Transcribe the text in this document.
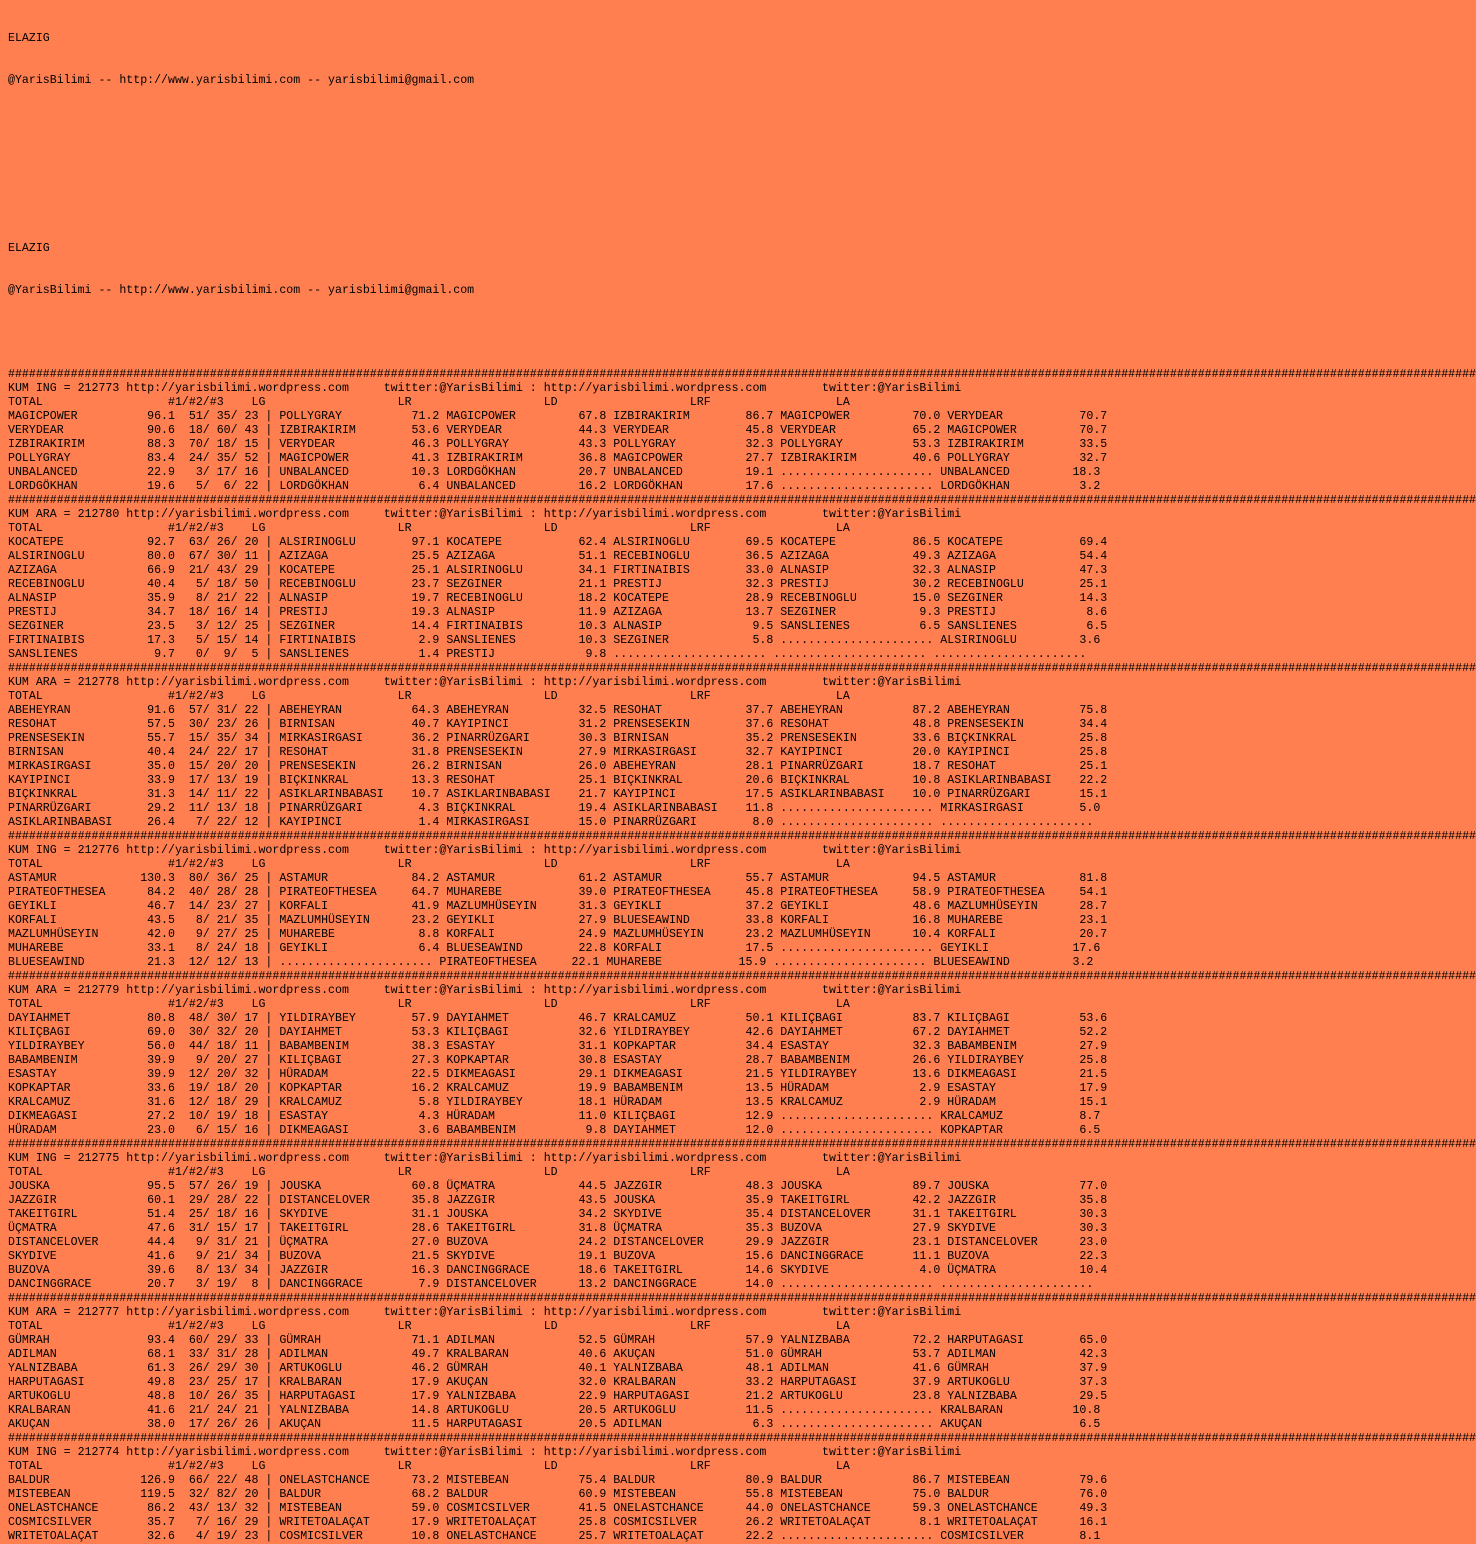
ELAZIG

@YarisBilimi -- http://www.yarisbilimi.com -- yarisbilimi@gmail.com

ELAZIG

@YarisBilimi -- http://www.yarisbilimi.com -- yarisbilimi@gmail.com

###################################################################################################################################################################################################################
KUM ING = 212773 http://yarisbilimi.wordpress.com     twitter:@YarisBilimi : http://yarisbilimi.wordpress.com        twitter:@YarisBilimi
TOTAL                  #1/#2/#3    LG                   LR                   LD                   LRF                  LA
MAGICPOWER          96.1  51/ 35/ 23 | POLLYGRAY          71.2 MAGICPOWER         67.8 IZBIRAKIRIM        86.7 MAGICPOWER         70.0 VERYDEAR           70.7
VERYDEAR            90.6  18/ 60/ 43 | IZBIRAKIRIM        53.6 VERYDEAR           44.3 VERYDEAR           45.8 VERYDEAR           65.2 MAGICPOWER         70.7
IZBIRAKIRIM         88.3  70/ 18/ 15 | VERYDEAR           46.3 POLLYGRAY          43.3 POLLYGRAY          32.3 POLLYGRAY          53.3 IZBIRAKIRIM        33.5
POLLYGRAY           83.4  24/ 35/ 52 | MAGICPOWER         41.3 IZBIRAKIRIM        36.8 MAGICPOWER         27.7 IZBIRAKIRIM        40.6 POLLYGRAY          32.7
UNBALANCED          22.9   3/ 17/ 16 | UNBALANCED         10.3 LORDGÖKHAN         20.7 UNBALANCED         19.1 ...................... UNBALANCED         18.3
LORDGÖKHAN          19.6   5/  6/ 22 | LORDGÖKHAN          6.4 UNBALANCED         16.2 LORDGÖKHAN         17.6 ...................... LORDGÖKHAN          3.2
###################################################################################################################################################################################################################
KUM ARA = 212780 http://yarisbilimi.wordpress.com     twitter:@YarisBilimi : http://yarisbilimi.wordpress.com        twitter:@YarisBilimi
TOTAL                  #1/#2/#3    LG                   LR                   LD                   LRF                  LA
KOCATEPE            92.7  63/ 26/ 20 | ALSIRINOGLU        97.1 KOCATEPE           62.4 ALSIRINOGLU        69.5 KOCATEPE           86.5 KOCATEPE           69.4
ALSIRINOGLU         80.0  67/ 30/ 11 | AZIZAGA            25.5 AZIZAGA            51.1 RECEBINOGLU        36.5 AZIZAGA            49.3 AZIZAGA            54.4
AZIZAGA             66.9  21/ 43/ 29 | KOCATEPE           25.1 ALSIRINOGLU        34.1 FIRTINAIBIS        33.0 ALNASIP            32.3 ALNASIP            47.3
RECEBINOGLU         40.4   5/ 18/ 50 | RECEBINOGLU        23.7 SEZGINER           21.1 PRESTIJ            32.3 PRESTIJ            30.2 RECEBINOGLU        25.1
ALNASIP             35.9   8/ 21/ 22 | ALNASIP            19.7 RECEBINOGLU        18.2 KOCATEPE           28.9 RECEBINOGLU        15.0 SEZGINER           14.3
PRESTIJ             34.7  18/ 16/ 14 | PRESTIJ            19.3 ALNASIP            11.9 AZIZAGA            13.7 SEZGINER            9.3 PRESTIJ             8.6
SEZGINER            23.5   3/ 12/ 25 | SEZGINER           14.4 FIRTINAIBIS        10.3 ALNASIP             9.5 SANSLIENES          6.5 SANSLIENES          6.5
FIRTINAIBIS         17.3   5/ 15/ 14 | FIRTINAIBIS         2.9 SANSLIENES         10.3 SEZGINER            5.8 ...................... ALSIRINOGLU         3.6
SANSLIENES           9.7   0/  9/  5 | SANSLIENES          1.4 PRESTIJ             9.8 ...................... ...................... ......................
###################################################################################################################################################################################################################
KUM ARA = 212778 http://yarisbilimi.wordpress.com     twitter:@YarisBilimi : http://yarisbilimi.wordpress.com        twitter:@YarisBilimi
TOTAL                  #1/#2/#3    LG                   LR                   LD                   LRF                  LA
ABEHEYRAN           91.6  57/ 31/ 22 | ABEHEYRAN          64.3 ABEHEYRAN          32.5 RESOHAT            37.7 ABEHEYRAN          87.2 ABEHEYRAN          75.8
RESOHAT             57.5  30/ 23/ 26 | BIRNISAN           40.7 KAYIPINCI          31.2 PRENSESEKIN        37.6 RESOHAT            48.8 PRENSESEKIN        34.4
PRENSESEKIN         55.7  15/ 35/ 34 | MIRKASIRGASI       36.2 PINARRÜZGARI       30.3 BIRNISAN           35.2 PRENSESEKIN        33.6 BIÇKINKRAL         25.8
BIRNISAN            40.4  24/ 22/ 17 | RESOHAT            31.8 PRENSESEKIN        27.9 MIRKASIRGASI       32.7 KAYIPINCI          20.0 KAYIPINCI          25.8
MIRKASIRGASI        35.0  15/ 20/ 20 | PRENSESEKIN        26.2 BIRNISAN           26.0 ABEHEYRAN          28.1 PINARRÜZGARI       18.7 RESOHAT            25.1
KAYIPINCI           33.9  17/ 13/ 19 | BIÇKINKRAL         13.3 RESOHAT            25.1 BIÇKINKRAL         20.6 BIÇKINKRAL         10.8 ASIKLARINBABASI    22.2
BIÇKINKRAL          31.3  14/ 11/ 22 | ASIKLARINBABASI    10.7 ASIKLARINBABASI    21.7 KAYIPINCI          17.5 ASIKLARINBABASI    10.0 PINARRÜZGARI       15.1
PINARRÜZGARI        29.2  11/ 13/ 18 | PINARRÜZGARI        4.3 BIÇKINKRAL         19.4 ASIKLARINBABASI    11.8 ...................... MIRKASIRGASI        5.0
ASIKLARINBABASI     26.4   7/ 22/ 12 | KAYIPINCI           1.4 MIRKASIRGASI       15.0 PINARRÜZGARI        8.0 ...................... ......................
###################################################################################################################################################################################################################
KUM ING = 212776 http://yarisbilimi.wordpress.com     twitter:@YarisBilimi : http://yarisbilimi.wordpress.com        twitter:@YarisBilimi
TOTAL                  #1/#2/#3    LG                   LR                   LD                   LRF                  LA
ASTAMUR            130.3  80/ 36/ 25 | ASTAMUR            84.2 ASTAMUR            61.2 ASTAMUR            55.7 ASTAMUR            94.5 ASTAMUR            81.8
PIRATEOFTHESEA      84.2  40/ 28/ 28 | PIRATEOFTHESEA     64.7 MUHAREBE           39.0 PIRATEOFTHESEA     45.8 PIRATEOFTHESEA     58.9 PIRATEOFTHESEA     54.1
GEYIKLI             46.7  14/ 23/ 27 | KORFALI            41.9 MAZLUMHÜSEYIN      31.3 GEYIKLI            37.2 GEYIKLI            48.6 MAZLUMHÜSEYIN      28.7
KORFALI             43.5   8/ 21/ 35 | MAZLUMHÜSEYIN      23.2 GEYIKLI            27.9 BLUESEAWIND        33.8 KORFALI            16.8 MUHAREBE           23.1
MAZLUMHÜSEYIN       42.0   9/ 27/ 25 | MUHAREBE            8.8 KORFALI            24.9 MAZLUMHÜSEYIN      23.2 MAZLUMHÜSEYIN      10.4 KORFALI            20.7
MUHAREBE            33.1   8/ 24/ 18 | GEYIKLI             6.4 BLUESEAWIND        22.8 KORFALI            17.5 ...................... GEYIKLI            17.6
BLUESEAWIND         21.3  12/ 12/ 13 | ...................... PIRATEOFTHESEA     22.1 MUHAREBE           15.9 ...................... BLUESEAWIND         3.2
###################################################################################################################################################################################################################
KUM ARA = 212779 http://yarisbilimi.wordpress.com     twitter:@YarisBilimi : http://yarisbilimi.wordpress.com        twitter:@YarisBilimi
TOTAL                  #1/#2/#3    LG                   LR                   LD                   LRF                  LA
DAYIAHMET           80.8  48/ 30/ 17 | YILDIRAYBEY        57.9 DAYIAHMET          46.7 KRALCAMUZ          50.1 KILIÇBAGI          83.7 KILIÇBAGI          53.6
KILIÇBAGI           69.0  30/ 32/ 20 | DAYIAHMET          53.3 KILIÇBAGI          32.6 YILDIRAYBEY        42.6 DAYIAHMET          67.2 DAYIAHMET          52.2
YILDIRAYBEY         56.0  44/ 18/ 11 | BABAMBENIM         38.3 ESASTAY            31.1 KOPKAPTAR          34.4 ESASTAY            32.3 BABAMBENIM         27.9
BABAMBENIM          39.9   9/ 20/ 27 | KILIÇBAGI          27.3 KOPKAPTAR          30.8 ESASTAY            28.7 BABAMBENIM         26.6 YILDIRAYBEY        25.8
ESASTAY             39.9  12/ 20/ 32 | HÜRADAM            22.5 DIKMEAGASI         29.1 DIKMEAGASI         21.5 YILDIRAYBEY        13.6 DIKMEAGASI         21.5
KOPKAPTAR           33.6  19/ 18/ 20 | KOPKAPTAR          16.2 KRALCAMUZ          19.9 BABAMBENIM         13.5 HÜRADAM             2.9 ESASTAY            17.9
KRALCAMUZ           31.6  12/ 18/ 29 | KRALCAMUZ           5.8 YILDIRAYBEY        18.1 HÜRADAM            13.5 KRALCAMUZ           2.9 HÜRADAM            15.1
DIKMEAGASI          27.2  10/ 19/ 18 | ESASTAY             4.3 HÜRADAM            11.0 KILIÇBAGI          12.9 ...................... KRALCAMUZ           8.7
HÜRADAM             23.0   6/ 15/ 16 | DIKMEAGASI          3.6 BABAMBENIM          9.8 DAYIAHMET          12.0 ...................... KOPKAPTAR           6.5
###################################################################################################################################################################################################################
KUM ING = 212775 http://yarisbilimi.wordpress.com     twitter:@YarisBilimi : http://yarisbilimi.wordpress.com        twitter:@YarisBilimi
TOTAL                  #1/#2/#3    LG                   LR                   LD                   LRF                  LA
JOUSKA              95.5  57/ 26/ 19 | JOUSKA             60.8 ÜÇMATRA            44.5 JAZZGIR            48.3 JOUSKA             89.7 JOUSKA             77.0
JAZZGIR             60.1  29/ 28/ 22 | DISTANCELOVER      35.8 JAZZGIR            43.5 JOUSKA             35.9 TAKEITGIRL         42.2 JAZZGIR            35.8
TAKEITGIRL          51.4  25/ 18/ 16 | SKYDIVE            31.1 JOUSKA             34.2 SKYDIVE            35.4 DISTANCELOVER      31.1 TAKEITGIRL         30.3
ÜÇMATRA             47.6  31/ 15/ 17 | TAKEITGIRL         28.6 TAKEITGIRL         31.8 ÜÇMATRA            35.3 BUZOVA             27.9 SKYDIVE            30.3
DISTANCELOVER       44.4   9/ 31/ 21 | ÜÇMATRA            27.0 BUZOVA             24.2 DISTANCELOVER      29.9 JAZZGIR            23.1 DISTANCELOVER      23.0
SKYDIVE             41.6   9/ 21/ 34 | BUZOVA             21.5 SKYDIVE            19.1 BUZOVA             15.6 DANCINGGRACE       11.1 BUZOVA             22.3
BUZOVA              39.6   8/ 13/ 34 | JAZZGIR            16.3 DANCINGGRACE       18.6 TAKEITGIRL         14.6 SKYDIVE             4.0 ÜÇMATRA            10.4
DANCINGGRACE        20.7   3/ 19/  8 | DANCINGGRACE        7.9 DISTANCELOVER      13.2 DANCINGGRACE       14.0 ...................... ......................
###################################################################################################################################################################################################################
KUM ARA = 212777 http://yarisbilimi.wordpress.com     twitter:@YarisBilimi : http://yarisbilimi.wordpress.com        twitter:@YarisBilimi
TOTAL                  #1/#2/#3    LG                   LR                   LD                   LRF                  LA
GÜMRAH              93.4  60/ 29/ 33 | GÜMRAH             71.1 ADILMAN            52.5 GÜMRAH             57.9 YALNIZBABA         72.2 HARPUTAGASI        65.0
ADILMAN             68.1  33/ 31/ 28 | ADILMAN            49.7 KRALBARAN          40.6 AKUÇAN             51.0 GÜMRAH             53.7 ADILMAN            42.3
YALNIZBABA          61.3  26/ 29/ 30 | ARTUKOGLU          46.2 GÜMRAH             40.1 YALNIZBABA         48.1 ADILMAN            41.6 GÜMRAH             37.9
HARPUTAGASI         49.8  23/ 25/ 17 | KRALBARAN          17.9 AKUÇAN             32.0 KRALBARAN          33.2 HARPUTAGASI        37.9 ARTUKOGLU          37.3
ARTUKOGLU           48.8  10/ 26/ 35 | HARPUTAGASI        17.9 YALNIZBABA         22.9 HARPUTAGASI        21.2 ARTUKOGLU          23.8 YALNIZBABA         29.5
KRALBARAN           41.6  21/ 24/ 21 | YALNIZBABA         14.8 ARTUKOGLU          20.5 ARTUKOGLU          11.5 ...................... KRALBARAN          10.8
AKUÇAN              38.0  17/ 26/ 26 | AKUÇAN             11.5 HARPUTAGASI        20.5 ADILMAN             6.3 ...................... AKUÇAN              6.5
###################################################################################################################################################################################################################
KUM ING = 212774 http://yarisbilimi.wordpress.com     twitter:@YarisBilimi : http://yarisbilimi.wordpress.com        twitter:@YarisBilimi
TOTAL                  #1/#2/#3    LG                   LR                   LD                   LRF                  LA
BALDUR             126.9  66/ 22/ 48 | ONELASTCHANCE      73.2 MISTEBEAN          75.4 BALDUR             80.9 BALDUR             86.7 MISTEBEAN          79.6
MISTEBEAN          119.5  32/ 82/ 20 | BALDUR             68.2 BALDUR             60.9 MISTEBEAN          55.8 MISTEBEAN          75.0 BALDUR             76.0
ONELASTCHANCE       86.2  43/ 13/ 32 | MISTEBEAN          59.0 COSMICSILVER       41.5 ONELASTCHANCE      44.0 ONELASTCHANCE      59.3 ONELASTCHANCE      49.3
COSMICSILVER        35.7   7/ 16/ 29 | WRITETOALAÇAT      17.9 WRITETOALAÇAT      25.8 COSMICSILVER       26.2 WRITETOALAÇAT       8.1 WRITETOALAÇAT      16.1
WRITETOALAÇAT       32.6   4/ 19/ 23 | COSMICSILVER       10.8 ONELASTCHANCE      25.7 WRITETOALAÇAT      22.2 ...................... COSMICSILVER        8.1
